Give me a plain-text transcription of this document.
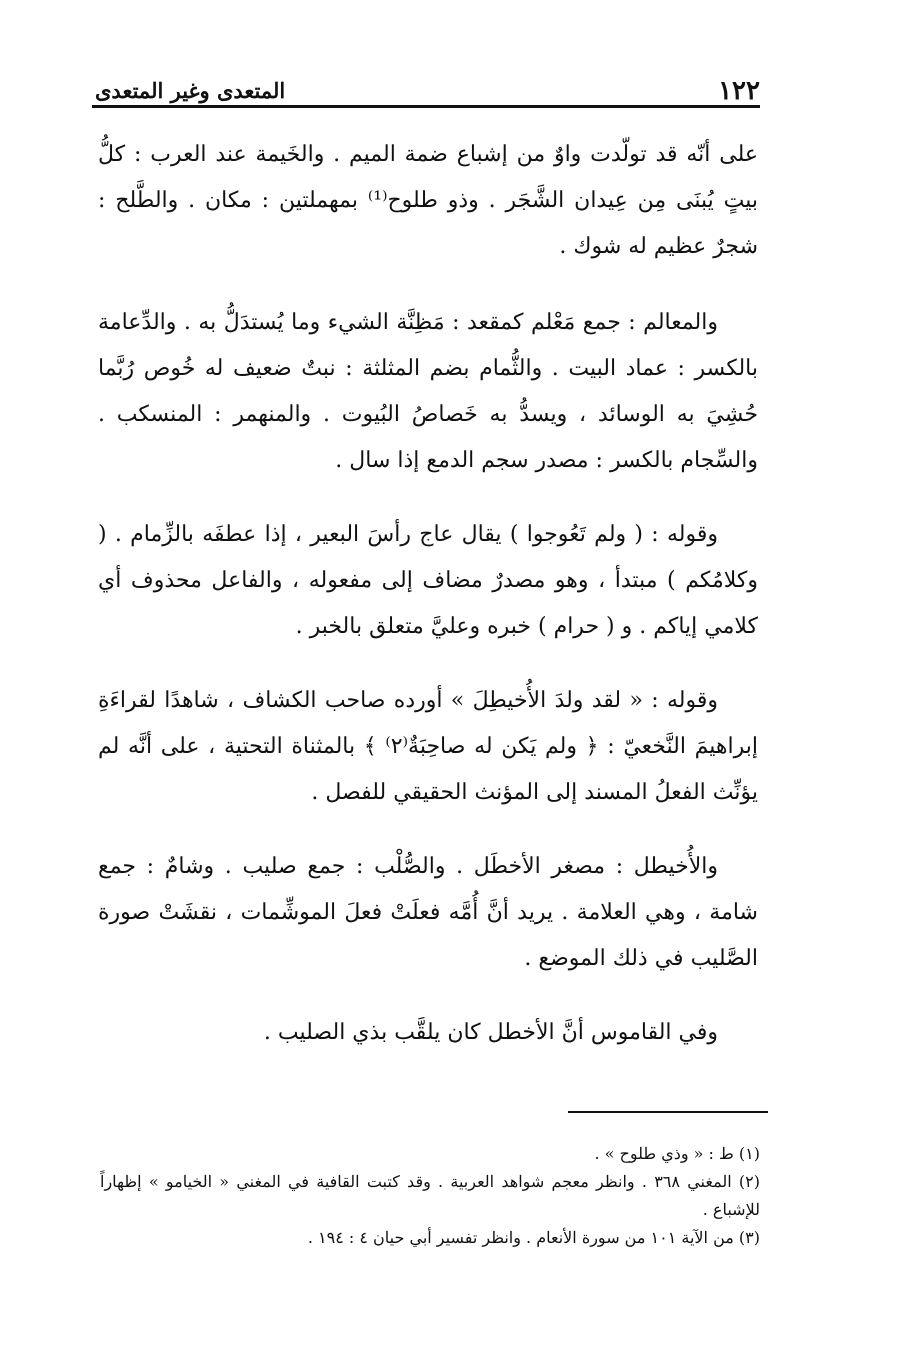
١٢٢
المتعدى وغير المتعدى

على أنّه قد تولّدت واوٌ من إشباع ضمة الميم . والخَيمة عند العرب : كلُّ بيتٍ يُبنَى مِن عِيدان الشَّجَر . وذو طلوح⁽¹⁾ بمهملتين : مكان . والطَّلح : شجرٌ عظيم له شوك .

والمعالم : جمع مَعْلم كمقعد : مَظِنَّة الشيء وما يُستدَلُّ به . والدِّعامة بالكسر : عماد البيت . والثُّمام بضم المثلثة : نبتٌ ضعيف له خُوص رُبَّما حُشِيَ به الوسائد ، ويسدُّ به خَصاصُ البُيوت . والمنهمر : المنسكب . والسِّجام بالكسر : مصدر سجم الدمع إذا سال .

وقوله : ( ولم تَعُوجوا ) يقال عاج رأسَ البعير ، إذا عطفَه بالزِّمام . ( وكلامُكم ) مبتدأ ، وهو مصدرٌ مضاف إلى مفعوله ، والفاعل محذوف أي كلامي إياكم . و ( حرام ) خبره وعليَّ متعلق بالخبر .

وقوله : « لقد ولدَ الأُخيطِلَ » أورده صاحب الكشاف ، شاهدًا لقراءَةِ إبراهيمَ النَّخعيّ : ﴿ ولم يَكن له صاحِبَةٌ⁽٢⁾ ﴾ بالمثناة التحتية ، على أنَّه لم يؤنِّث الفعلُ المسند إلى المؤنث الحقيقي للفصل .

والأُخيطل : مصغر الأخطَل . والصُّلْب : جمع صليب . وشامٌ : جمع شامة ، وهي العلامة . يريد أنَّ أُمَّه فعلَتْ فعلَ الموشِّمات ، نقشَتْ صورة الصَّليب في ذلك الموضع .

وفي القاموس أنَّ الأخطل كان يلقَّب بذي الصليب .

(١) ط : « وذي طلوح » .

(٢) المغني ٣٦٨ . وانظر معجم شواهد العربية . وقد كتبت القافية في المغني « الخيامو » إظهاراً للإشباع .

(٣) من الآية ١٠١ من سورة الأنعام . وانظر تفسير أبي حيان ٤ : ١٩٤ .
